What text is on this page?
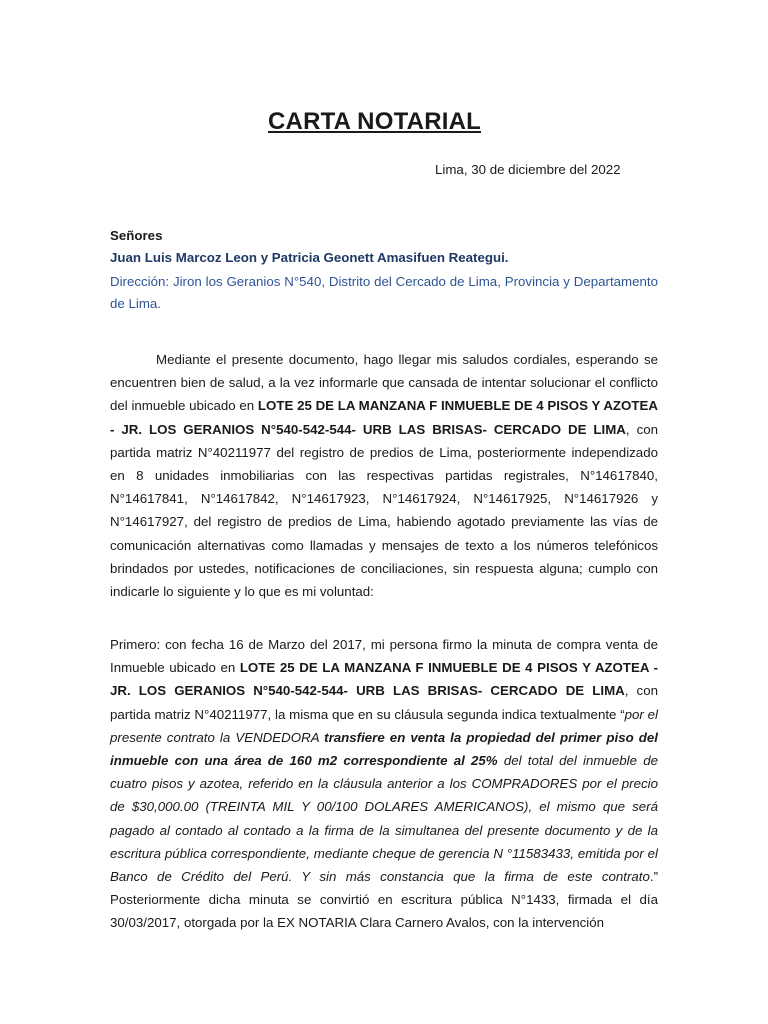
CARTA NOTARIAL
Lima, 30 de diciembre del 2022
Señores
Juan Luis Marcoz Leon y Patricia Geonett Amasifuen Reategui.
Dirección: Jiron los Geranios N°540, Distrito del Cercado de Lima, Provincia y Departamento de Lima.

Mediante el presente documento, hago llegar mis saludos cordiales, esperando se encuentren bien de salud, a la vez informarle que cansada de intentar solucionar el conflicto del inmueble ubicado en LOTE 25 DE LA MANZANA F INMUEBLE DE 4 PISOS Y AZOTEA - JR. LOS GERANIOS N°540-542-544- URB LAS BRISAS- CERCADO DE LIMA, con partida matriz N°40211977 del registro de predios de Lima, posteriormente independizado en 8 unidades inmobiliarias con las respectivas partidas registrales, N°14617840, N°14617841, N°14617842, N°14617923, N°14617924, N°14617925, N°14617926 y N°14617927, del registro de predios de Lima, habiendo agotado previamente las vías de comunicación alternativas como llamadas y mensajes de texto a los números telefónicos brindados por ustedes, notificaciones de conciliaciones, sin respuesta alguna; cumplo con indicarle lo siguiente y lo que es mi voluntad:

Primero: con fecha 16 de Marzo del 2017, mi persona firmo la minuta de compra venta de Inmueble ubicado en LOTE 25 DE LA MANZANA F INMUEBLE DE 4 PISOS Y AZOTEA - JR. LOS GERANIOS N°540-542-544- URB LAS BRISAS- CERCADO DE LIMA, con partida matriz N°40211977, la misma que en su cláusula segunda indica textualmente “por el presente contrato la VENDEDORA transfiere en venta la propiedad del primer piso del inmueble con una área de 160 m2 correspondiente al 25% del total del inmueble de cuatro pisos y azotea, referido en la cláusula anterior a los COMPRADORES por el precio de $30,000.00 (TREINTA MIL Y 00/100 DOLARES AMERICANOS), el mismo que será pagado al contado al contado a la firma de la simultanea del presente documento y de la escritura pública correspondiente, mediante cheque de gerencia N °11583433, emitida por el Banco de Crédito del Perú. Y sin más constancia que la firma de este contrato.” Posteriormente dicha minuta se convirtió en escritura pública N°1433, firmada el día 30/03/2017, otorgada por la EX NOTARIA Clara Carnero Avalos, con la intervención
